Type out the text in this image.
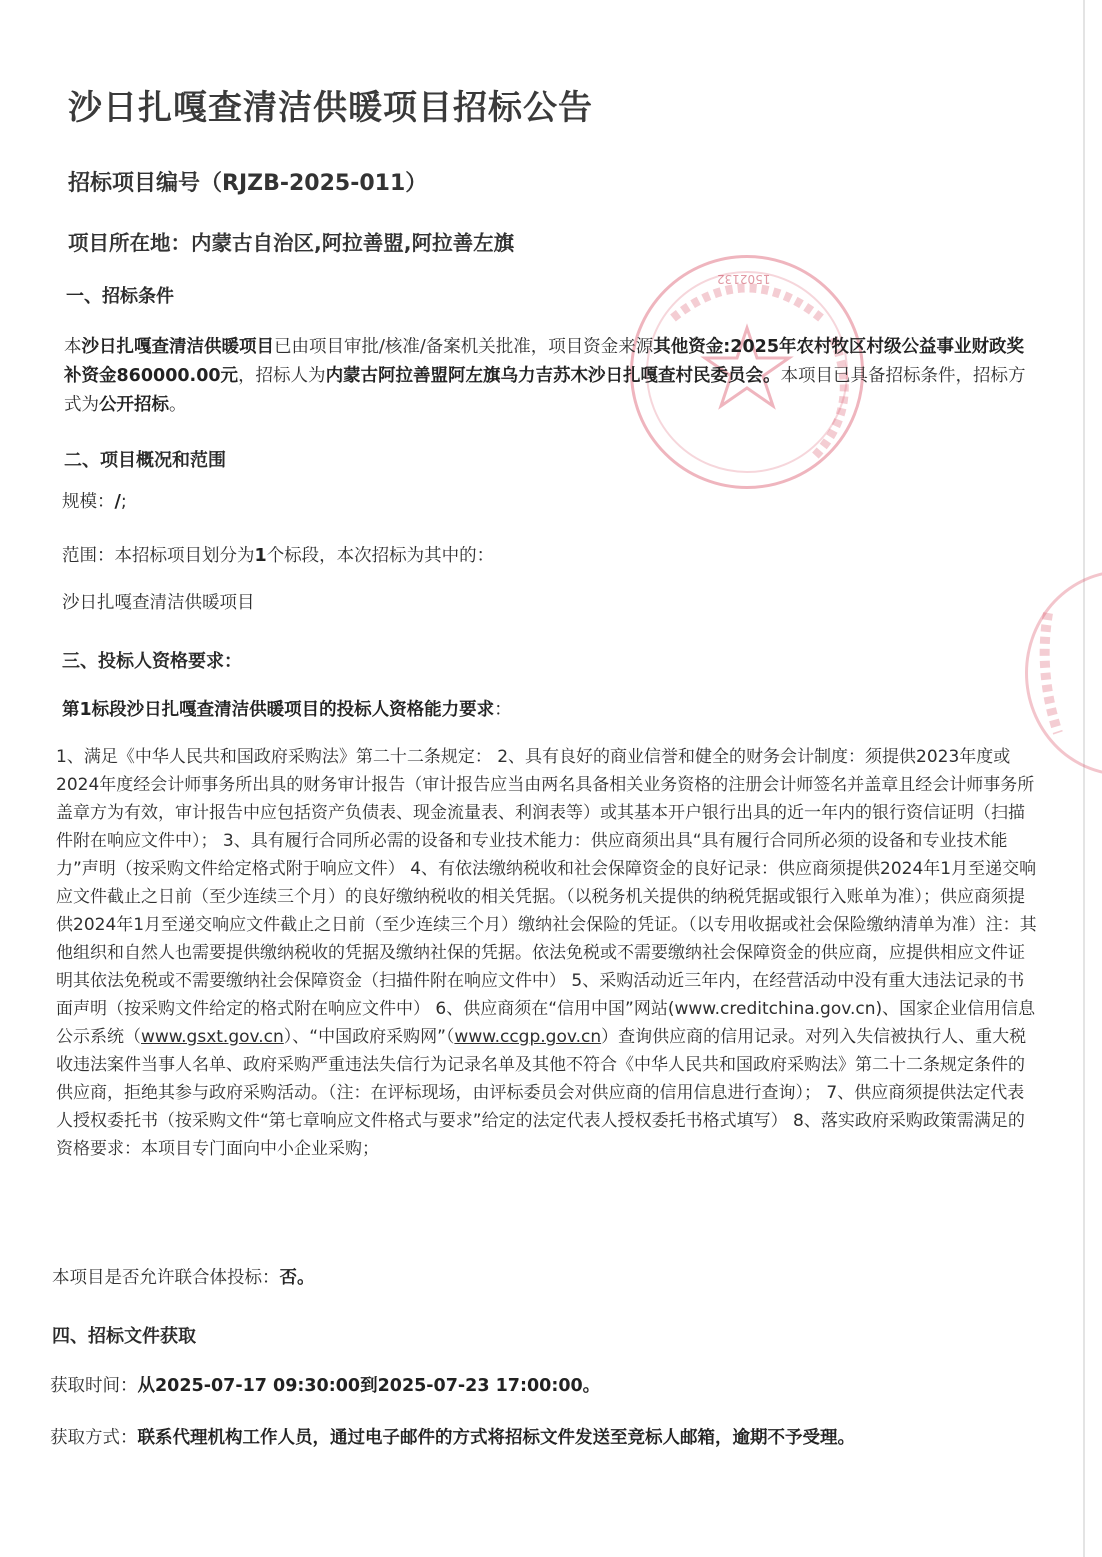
1502132
沙日扎嘎查清洁供暖项目招标公告
招标项目编号（RJZB-2025-011）
项目所在地：内蒙古自治区,阿拉善盟,阿拉善左旗
一、招标条件
本沙日扎嘎查清洁供暖项目已由项目审批/核准/备案机关批准，项目资金来源其他资金:2025年农村牧区村级公益事业财政奖补资金860000.00元，招标人为内蒙古阿拉善盟阿左旗乌力吉苏木沙日扎嘎查村民委员会。本项目已具备招标条件，招标方式为公开招标。
二、项目概况和范围
规模：/;
范围：本招标项目划分为1个标段，本次招标为其中的：
沙日扎嘎查清洁供暖项目
三、投标人资格要求：
第1标段沙日扎嘎查清洁供暖项目的投标人资格能力要求：
1、满足《中华人民共和国政府采购法》第二十二条规定： 2、具有良好的商业信誉和健全的财务会计制度：须提供2023年度或2024年度经会计师事务所出具的财务审计报告（审计报告应当由两名具备相关业务资格的注册会计师签名并盖章且经会计师事务所盖章方为有效，审计报告中应包括资产负债表、现金流量表、利润表等）或其基本开户银行出具的近一年内的银行资信证明（扫描件附在响应文件中）； 3、具有履行合同所必需的设备和专业技术能力：供应商须出具“具有履行合同所必须的设备和专业技术能力”声明（按采购文件给定格式附于响应文件） 4、有依法缴纳税收和社会保障资金的良好记录：供应商须提供2024年1月至递交响应文件截止之日前（至少连续三个月）的良好缴纳税收的相关凭据。（以税务机关提供的纳税凭据或银行入账单为准）；供应商须提供2024年1月至递交响应文件截止之日前（至少连续三个月）缴纳社会保险的凭证。（以专用收据或社会保险缴纳清单为准）注：其他组织和自然人也需要提供缴纳税收的凭据及缴纳社保的凭据。依法免税或不需要缴纳社会保障资金的供应商，应提供相应文件证明其依法免税或不需要缴纳社会保障资金（扫描件附在响应文件中） 5、采购活动近三年内，在经营活动中没有重大违法记录的书面声明（按采购文件给定的格式附在响应文件中） 6、供应商须在“信用中国”网站(www.creditchina.gov.cn)、国家企业信用信息公示系统（www.gsxt.gov.cn）、“中国政府采购网”（www.ccgp.gov.cn）查询供应商的信用记录。对列入失信被执行人、重大税收违法案件当事人名单、政府采购严重违法失信行为记录名单及其他不符合《中华人民共和国政府采购法》第二十二条规定条件的供应商，拒绝其参与政府采购活动。（注：在评标现场，由评标委员会对供应商的信用信息进行查询）； 7、供应商须提供法定代表人授权委托书（按采购文件“第七章响应文件格式与要求”给定的法定代表人授权委托书格式填写） 8、落实政府采购政策需满足的资格要求：本项目专门面向中小企业采购；
本项目是否允许联合体投标：否。
四、招标文件获取
获取时间：从2025-07-17 09:30:00到2025-07-23 17:00:00。
获取方式：联系代理机构工作人员，通过电子邮件的方式将招标文件发送至竞标人邮箱，逾期不予受理。
